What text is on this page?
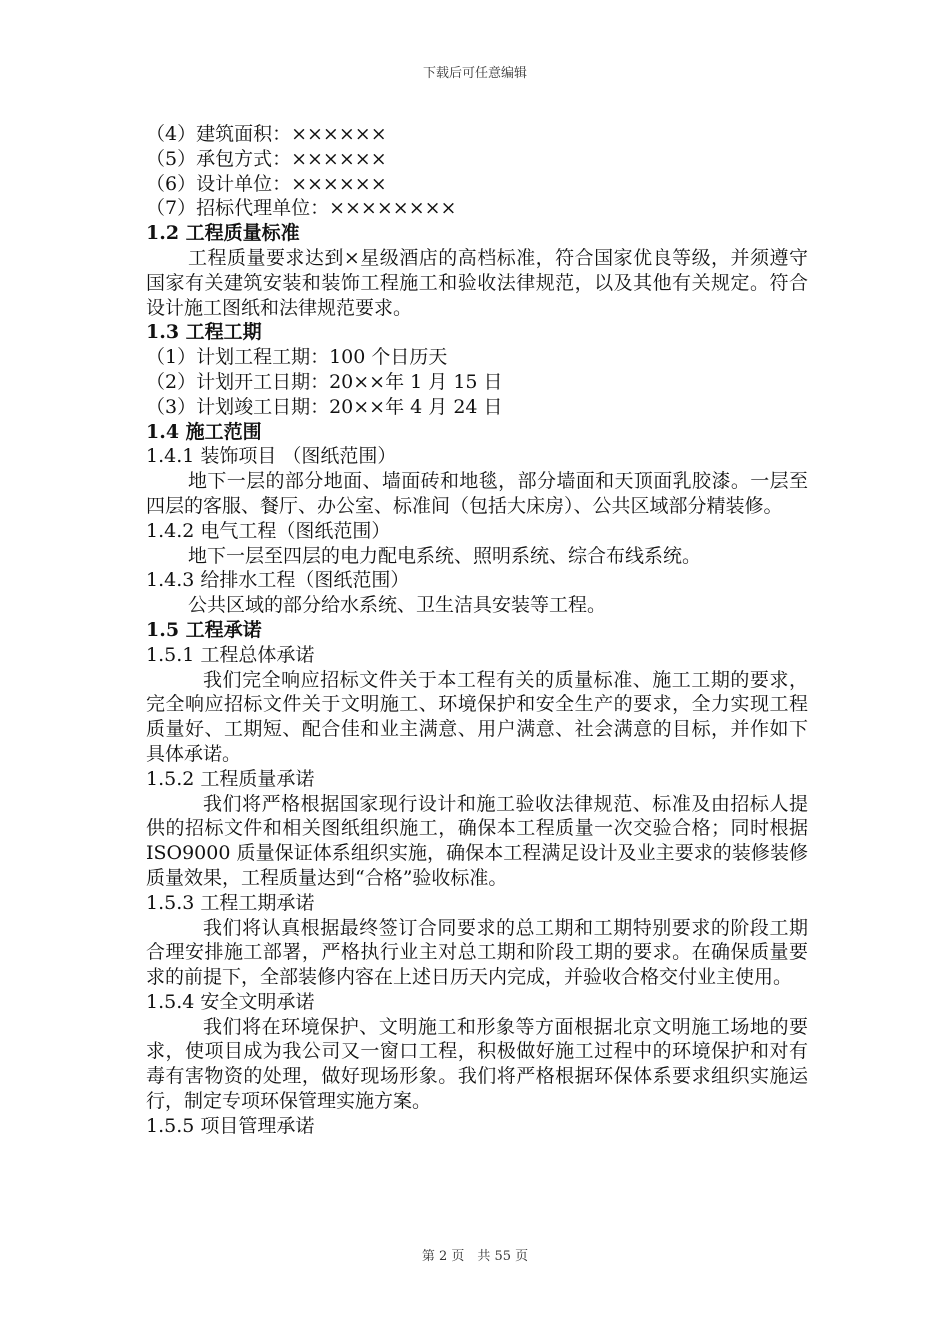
下载后可任意编辑

（4）建筑面积：××××××

（5）承包方式：××××××

（6）设计单位：××××××

（7）招标代理单位：××××××××

1.2 工程质量标准

工程质量要求达到×星级酒店的高档标准，符合国家优良等级，并须遵守国家有关建筑安装和装饰工程施工和验收法律规范，以及其他有关规定。符合设计施工图纸和法律规范要求。

1.3 工程工期

（1）计划工程工期：100 个日历天

（2）计划开工日期：20××年 1 月 15 日

（3）计划竣工日期：20××年 4 月 24 日

1.4 施工范围

1.4.1 装饰项目 （图纸范围）

地下一层的部分地面、墙面砖和地毯，部分墙面和天顶面乳胶漆。一层至四层的客服、餐厅、办公室、标准间（包括大床房）、公共区域部分精装修。

1.4.2 电气工程（图纸范围）

地下一层至四层的电力配电系统、照明系统、综合布线系统。

1.4.3 给排水工程（图纸范围）

公共区域的部分给水系统、卫生洁具安装等工程。

1.5 工程承诺

1.5.1 工程总体承诺

我们完全响应招标文件关于本工程有关的质量标准、施工工期的要求，完全响应招标文件关于文明施工、环境保护和安全生产的要求，全力实现工程质量好、工期短、配合佳和业主满意、用户满意、社会满意的目标，并作如下具体承诺。

1.5.2 工程质量承诺

我们将严格根据国家现行设计和施工验收法律规范、标准及由招标人提供的招标文件和相关图纸组织施工，确保本工程质量一次交验合格；同时根据 ISO9000 质量保证体系组织实施，确保本工程满足设计及业主要求的装修装修质量效果，工程质量达到“合格”验收标准。

1.5.3 工程工期承诺

我们将认真根据最终签订合同要求的总工期和工期特别要求的阶段工期合理安排施工部署，严格执行业主对总工期和阶段工期的要求。在确保质量要求的前提下，全部装修内容在上述日历天内完成，并验收合格交付业主使用。

1.5.4 安全文明承诺

我们将在环境保护、文明施工和形象等方面根据北京文明施工场地的要求，使项目成为我公司又一窗口工程，积极做好施工过程中的环境保护和对有毒有害物资的处理，做好现场形象。我们将严格根据环保体系要求组织实施运行，制定专项环保管理实施方案。

1.5.5 项目管理承诺

第 2 页　共 55 页
